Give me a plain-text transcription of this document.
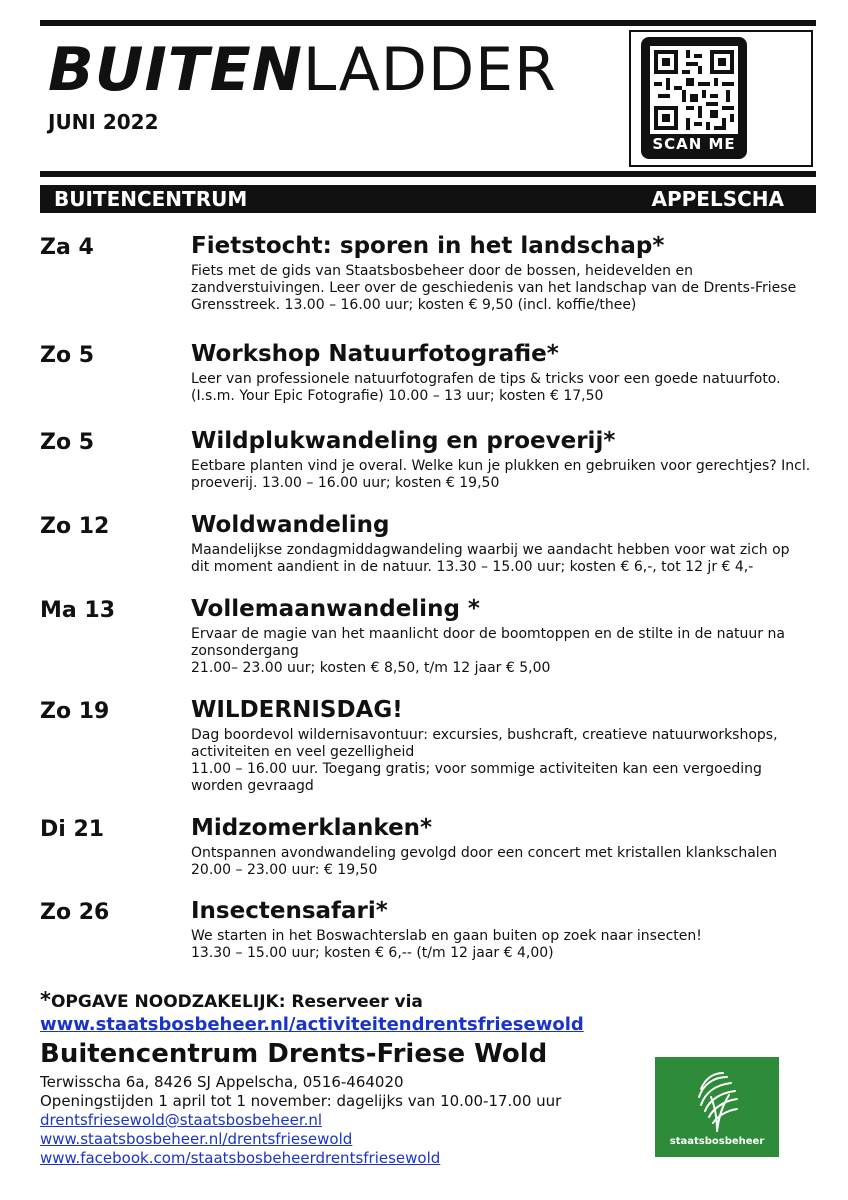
BUITENLADDER
JUNI 2022
SCAN ME
BUITENCENTRUM	APPELSCHA
Za 4	Fietstocht: sporen in het landschap*
Fiets met de gids van Staatsbosbeheer door de bossen, heidevelden en zandverstuivingen. Leer over de geschiedenis van het landschap van de Drents-Friese Grensstreek. 13.00 – 16.00 uur; kosten € 9,50 (incl. koffie/thee)
Zo 5	Workshop Natuurfotografie*
Leer van professionele natuurfotografen de tips & tricks voor een goede natuurfoto. (I.s.m. Your Epic Fotografie) 10.00 – 13 uur; kosten € 17,50
Zo 5	Wildplukwandeling en proeverij*
Eetbare planten vind je overal. Welke kun je plukken en gebruiken voor gerechtjes? Incl. proeverij. 13.00 – 16.00 uur; kosten € 19,50
Zo 12	Woldwandeling
Maandelijkse zondagmiddagwandeling waarbij we aandacht hebben voor wat zich op dit moment aandient in de natuur. 13.30 – 15.00 uur; kosten € 6,-, tot 12 jr € 4,-
Ma 13	Vollemaanwandeling *
Ervaar de magie van het maanlicht door de boomtoppen en de stilte in de natuur na zonsondergang
21.00– 23.00 uur; kosten € 8,50, t/m 12 jaar € 5,00
Zo 19	WILDERNISDAG!
Dag boordevol wildernisavontuur: excursies, bushcraft, creatieve natuurworkshops, activiteiten en veel gezelligheid
11.00 – 16.00 uur. Toegang gratis; voor sommige activiteiten kan een vergoeding worden gevraagd
Di 21	Midzomerklanken*
Ontspannen avondwandeling gevolgd door een concert met kristallen klankschalen
20.00 – 23.00 uur: € 19,50
Zo 26	Insectensafari*
We starten in het Boswachterslab en gaan buiten op zoek naar insecten!
13.30 – 15.00 uur; kosten € 6,-- (t/m 12 jaar € 4,00)
*OPGAVE NOODZAKELIJK: Reserveer via
www.staatsbosbeheer.nl/activiteitendrentsfriesewold
Buitencentrum Drents-Friese Wold
Terwisscha 6a, 8426 SJ Appelscha, 0516-464020
Openingstijden 1 april tot 1 november: dagelijks van 10.00-17.00 uur
drentsfriesewold@staatsbosbeheer.nl
www.staatsbosbeheer.nl/drentsfriesewold
www.facebook.com/staatsbosbeheerdrentsfriesewold
staatsbosbeheer
